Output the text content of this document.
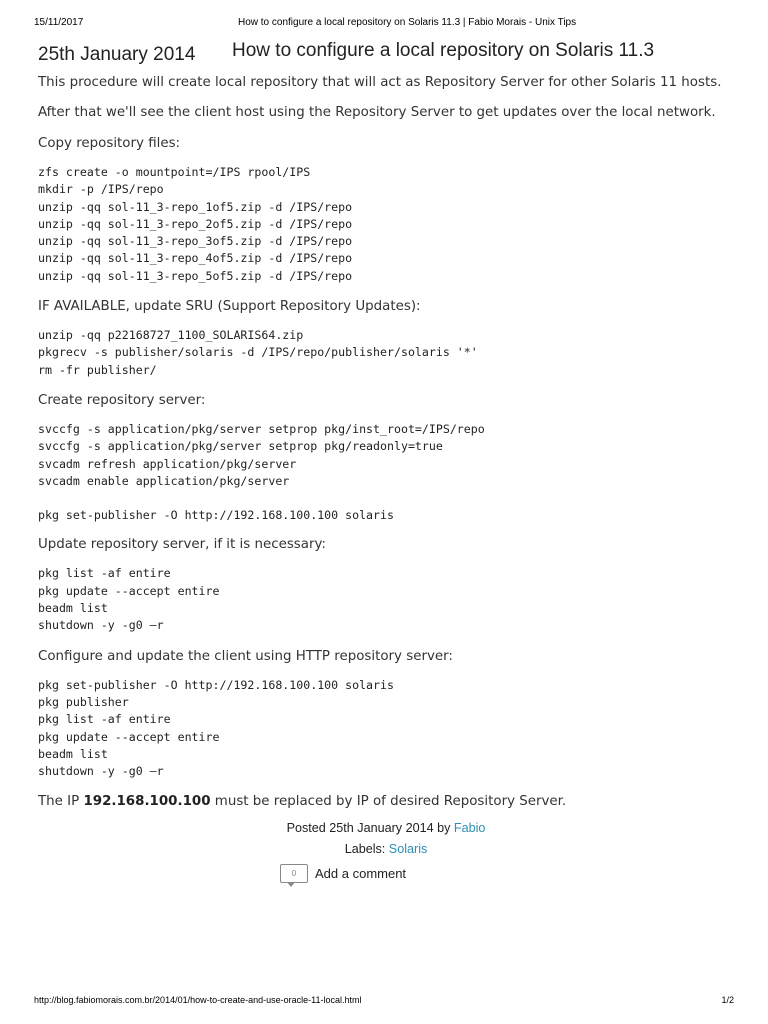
15/11/2017	How to configure a local repository on Solaris 11.3 | Fabio Morais - Unix Tips
25th January 2014 How to configure a local repository on Solaris 11.3

This procedure will create local repository that will act as Repository Server for other Solaris 11 hosts.

After that we'll see the client host using the Repository Server to get updates over the local network.

Copy repository files:

zfs create -o mountpoint=/IPS rpool/IPS
mkdir -p /IPS/repo
unzip -qq sol-11_3-repo_1of5.zip -d /IPS/repo
unzip -qq sol-11_3-repo_2of5.zip -d /IPS/repo
unzip -qq sol-11_3-repo_3of5.zip -d /IPS/repo
unzip -qq sol-11_3-repo_4of5.zip -d /IPS/repo
unzip -qq sol-11_3-repo_5of5.zip -d /IPS/repo

IF AVAILABLE, update SRU (Support Repository Updates):

unzip -qq p22168727_1100_SOLARIS64.zip
pkgrecv -s publisher/solaris -d /IPS/repo/publisher/solaris '*'
rm -fr publisher/

Create repository server:

svccfg -s application/pkg/server setprop pkg/inst_root=/IPS/repo
svccfg -s application/pkg/server setprop pkg/readonly=true
svcadm refresh application/pkg/server
svcadm enable application/pkg/server
pkg set-publisher -O http://192.168.100.100 solaris

Update repository server, if it is necessary:

pkg list -af entire
pkg update --accept entire
beadm list
shutdown -y -g0 –r

Configure and update the client using HTTP repository server:

pkg set-publisher -O http://192.168.100.100 solaris
pkg publisher
pkg list -af entire
pkg update --accept entire
beadm list
shutdown -y -g0 –r

The IP 192.168.100.100 must be replaced by IP of desired Repository Server.

Posted 25th January 2014 by Fabio
Labels: Solaris
0	Add a comment
http://blog.fabiomorais.com.br/2014/01/how-to-create-and-use-oracle-11-local.html	1/2
